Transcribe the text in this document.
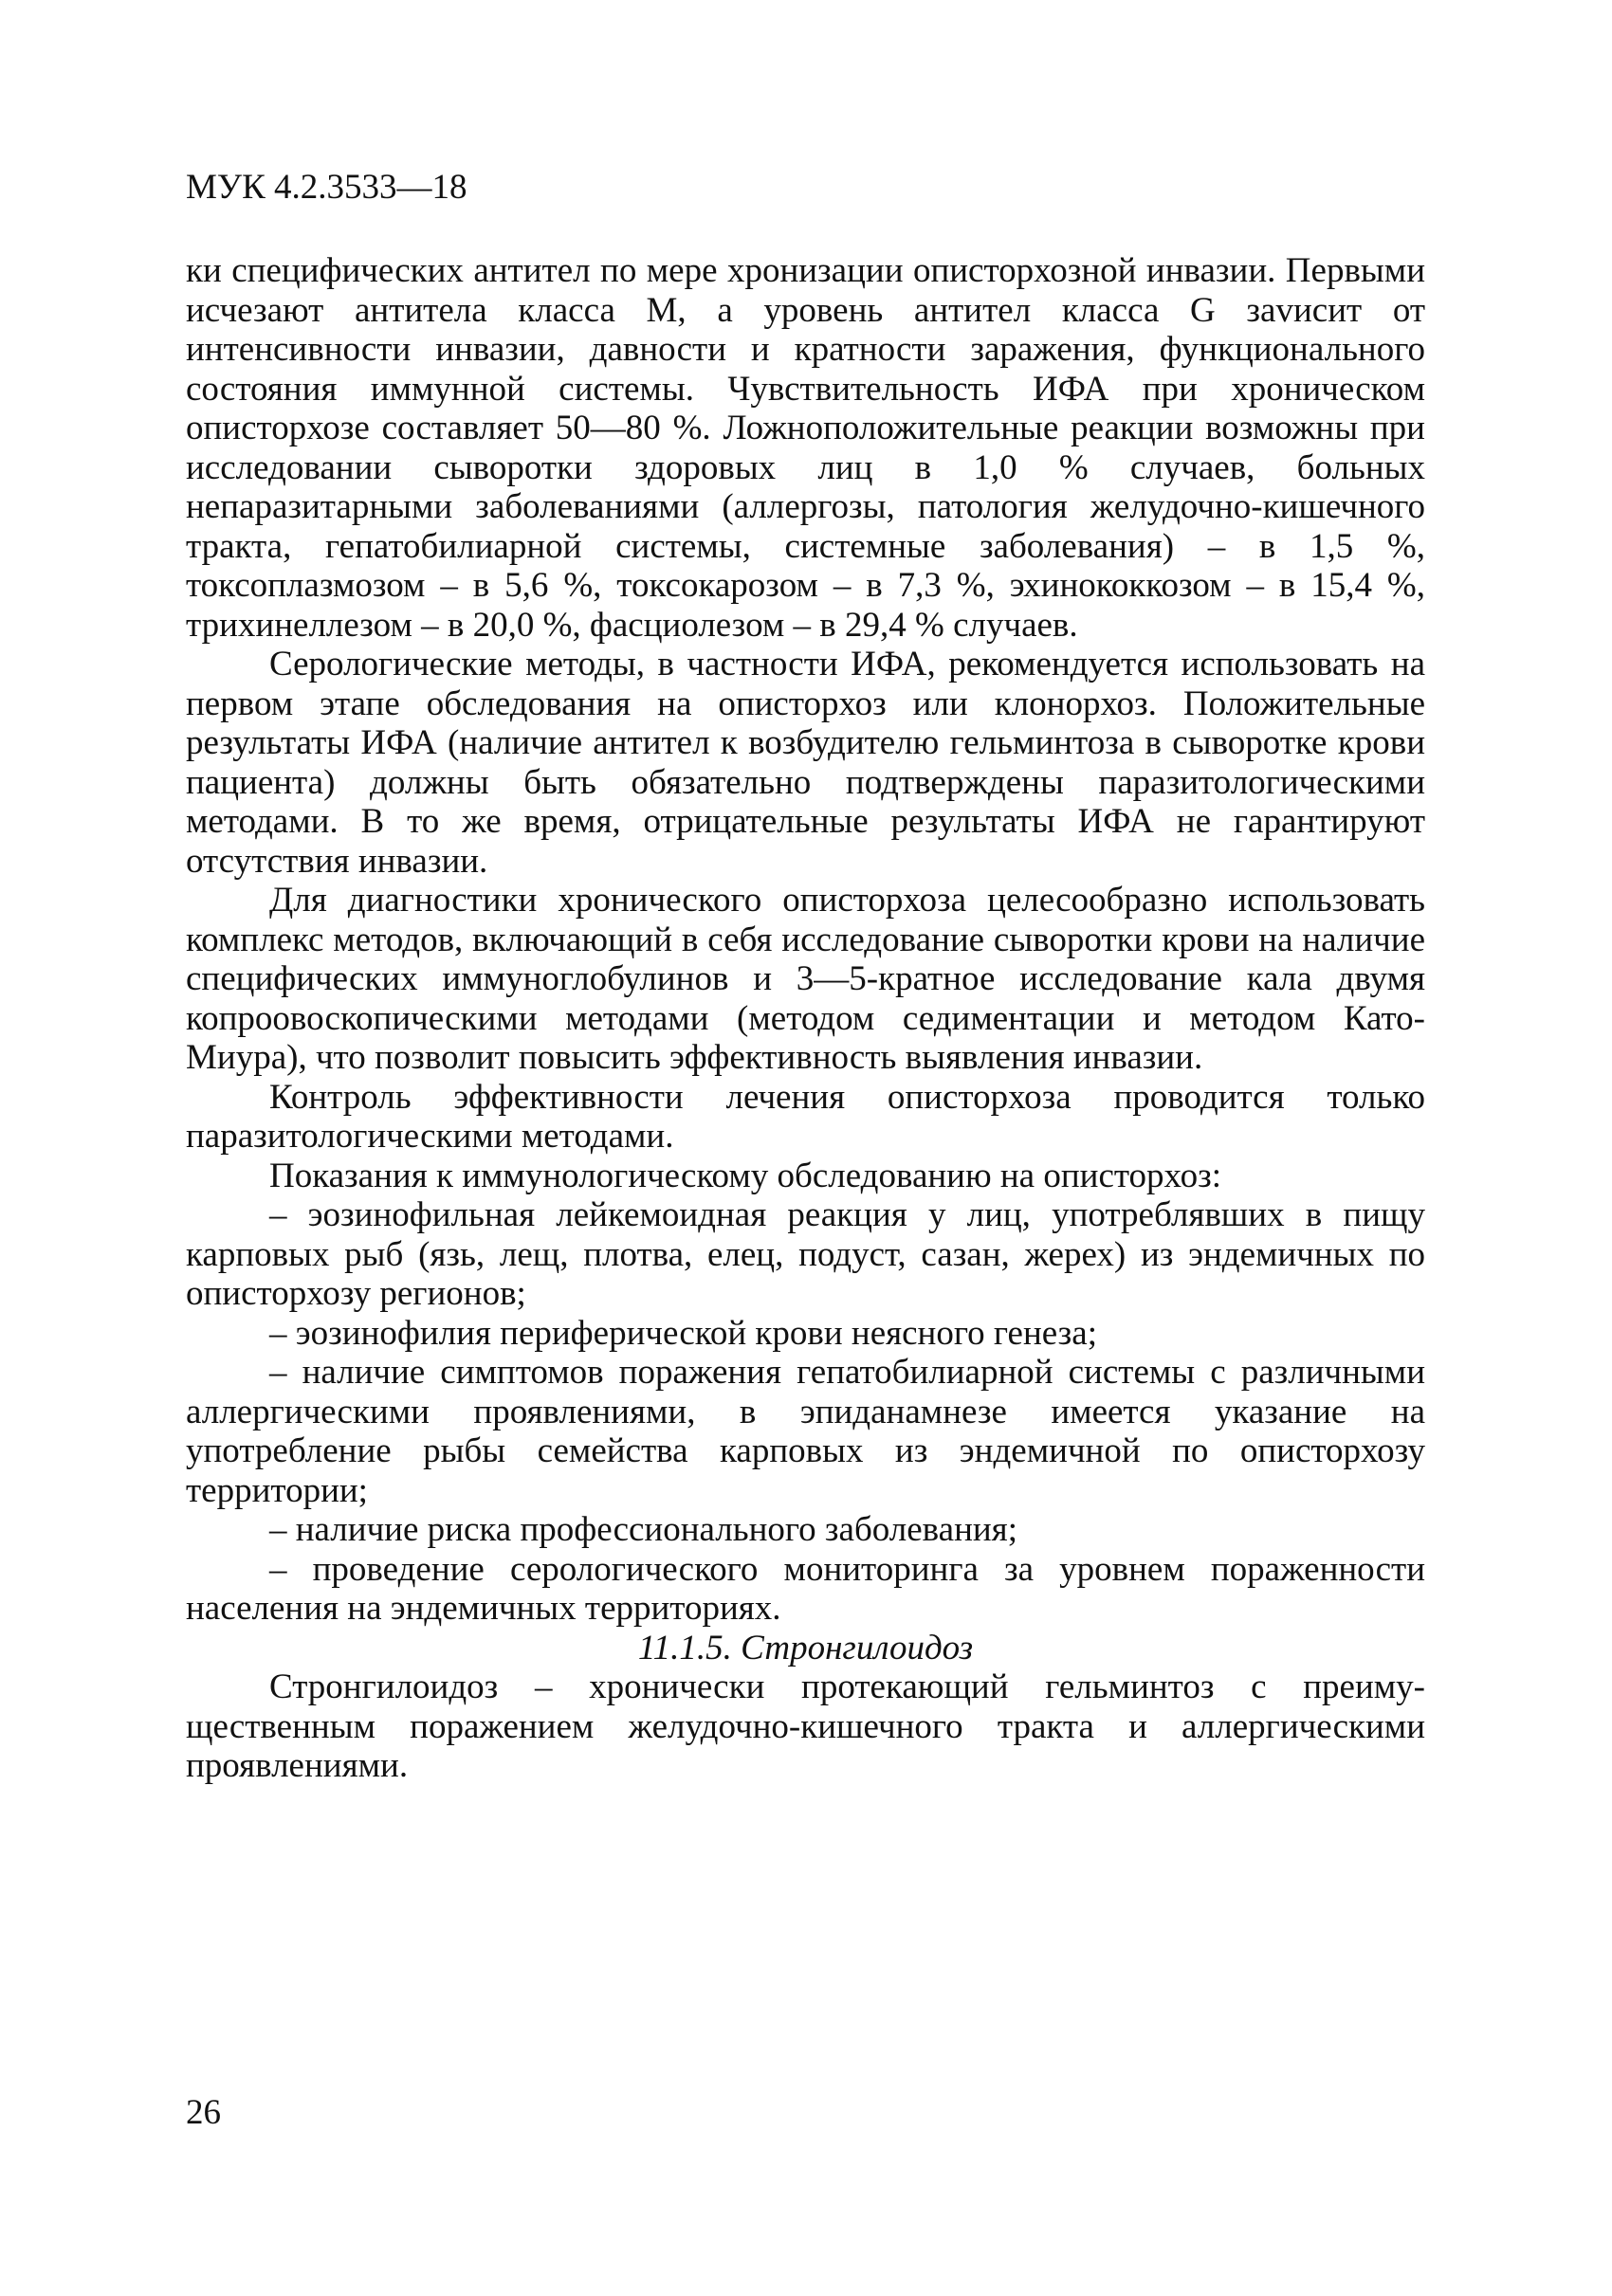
МУК 4.2.3533—18

ки специфических антител по мере хронизации описторхозной инвазии. Первыми исчезают антитела класса М, а уровень антител класса G заvисит от интенсивности инвазии, давности и кратности заражения, функционального состояния иммунной системы. Чувствительность ИФА при хроническом описторхозе составляет 50—80 %. Ложноположительные реакции возможны при исследовании сыворотки здоровых лиц в 1,0 % случаев, больных непаразитарными заболеваниями (аллергозы, патология желудочно-кишечного тракта, гепатобилиарной системы, системные заболевания) – в 1,5 %, токсоплазмозом – в 5,6 %, токсокарозом – в 7,3 %, эхинококкозом – в 15,4 %, трихинеллезом – в 20,0 %, фасциолезом – в 29,4 % случаев.

Серологические методы, в частности ИФА, рекомендуется использовать на первом этапе обследования на описторхоз или клонорхоз. Положительные результаты ИФА (наличие антител к возбудителю гельминтоза в сыворотке крови пациента) должны быть обязательно подтверждены паразитологическими методами. В то же время, отрицательные результаты ИФА не гарантируют отсутствия инвазии.

Для диагностики хронического описторхоза целесообразно использовать комплекс методов, включающий в себя исследование сыворотки крови на наличие специфических иммуноглобулинов и 3—5-кратное исследование кала двумя копроовоскопическими методами (методом седиментации и методом Като-Миура), что позволит повысить эффективность выявления инвазии.

Контроль эффективности лечения описторхоза проводится только паразитологическими методами.

Показания к иммунологическому обследованию на описторхоз:

– эозинофильная лейкемоидная реакция у лиц, употреблявших в пищу карповых рыб (язь, лещ, плотва, елец, подуст, сазан, жерех) из эндемичных по описторхозу регионов;

– эозинофилия периферической крови неясного генеза;

– наличие симптомов поражения гепатобилиарной системы с различными аллергическими проявлениями, в эпиданамнезе имеется указание на употребление рыбы семейства карповых из эндемичной по описторхозу территории;

– наличие риска профессионального заболевания;

– проведение серологического мониторинга за уровнем пораженности населения на эндемичных территориях.

11.1.5. Стронгилоидоз

Стронгилоидоз – хронически протекающий гельминтоз с преимущественным поражением желудочно-кишечного тракта и аллергическими проявлениями.

26
